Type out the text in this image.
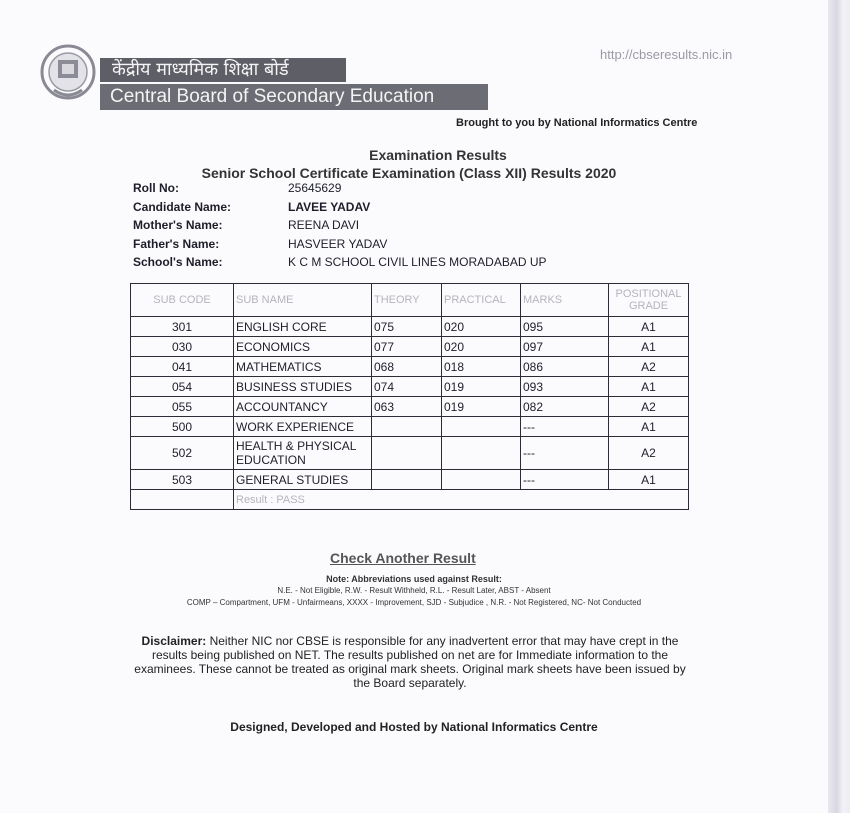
केंद्रीय माध्यमिक शिक्षा बोर्ड
Central Board of Secondary Education
http://cbseresults.nic.in
Brought to you by National Informatics Centre
Examination Results
Senior School Certificate Examination (Class XII) Results 2020
Roll No:	25645629
Candidate Name:	LAVEE YADAV
Mother's Name:	REENA DAVI
Father's Name:	HASVEER YADAV
School's Name:	K C M SCHOOL CIVIL LINES MORADABAD UP
SUB CODE	SUB NAME	THEORY	PRACTICAL	MARKS	POSITIONAL GRADE
301	ENGLISH CORE	075	020	095	A1
030	ECONOMICS	077	020	097	A1
041	MATHEMATICS	068	018	086	A2
054	BUSINESS STUDIES	074	019	093	A1
055	ACCOUNTANCY	063	019	082	A2
500	WORK EXPERIENCE			---	A1
502	HEALTH & PHYSICAL EDUCATION			---	A2
503	GENERAL STUDIES			---	A1
	Result : PASS				
Check Another Result
Note: Abbreviations used against Result:
N.E. - Not Eligible, R.W. - Result Withheld, R.L. - Result Later, ABST - Absent
COMP – Compartment, UFM - Unfairmeans, XXXX - Improvement, SJD - Subjudice , N.R. - Not Registered, NC- Not Conducted
Disclaimer: Neither NIC nor CBSE is responsible for any inadvertent error that may have crept in the results being published on NET. The results published on net are for Immediate information to the examinees. These cannot be treated as original mark sheets. Original mark sheets have been issued by the Board separately.
Designed, Developed and Hosted by National Informatics Centre
